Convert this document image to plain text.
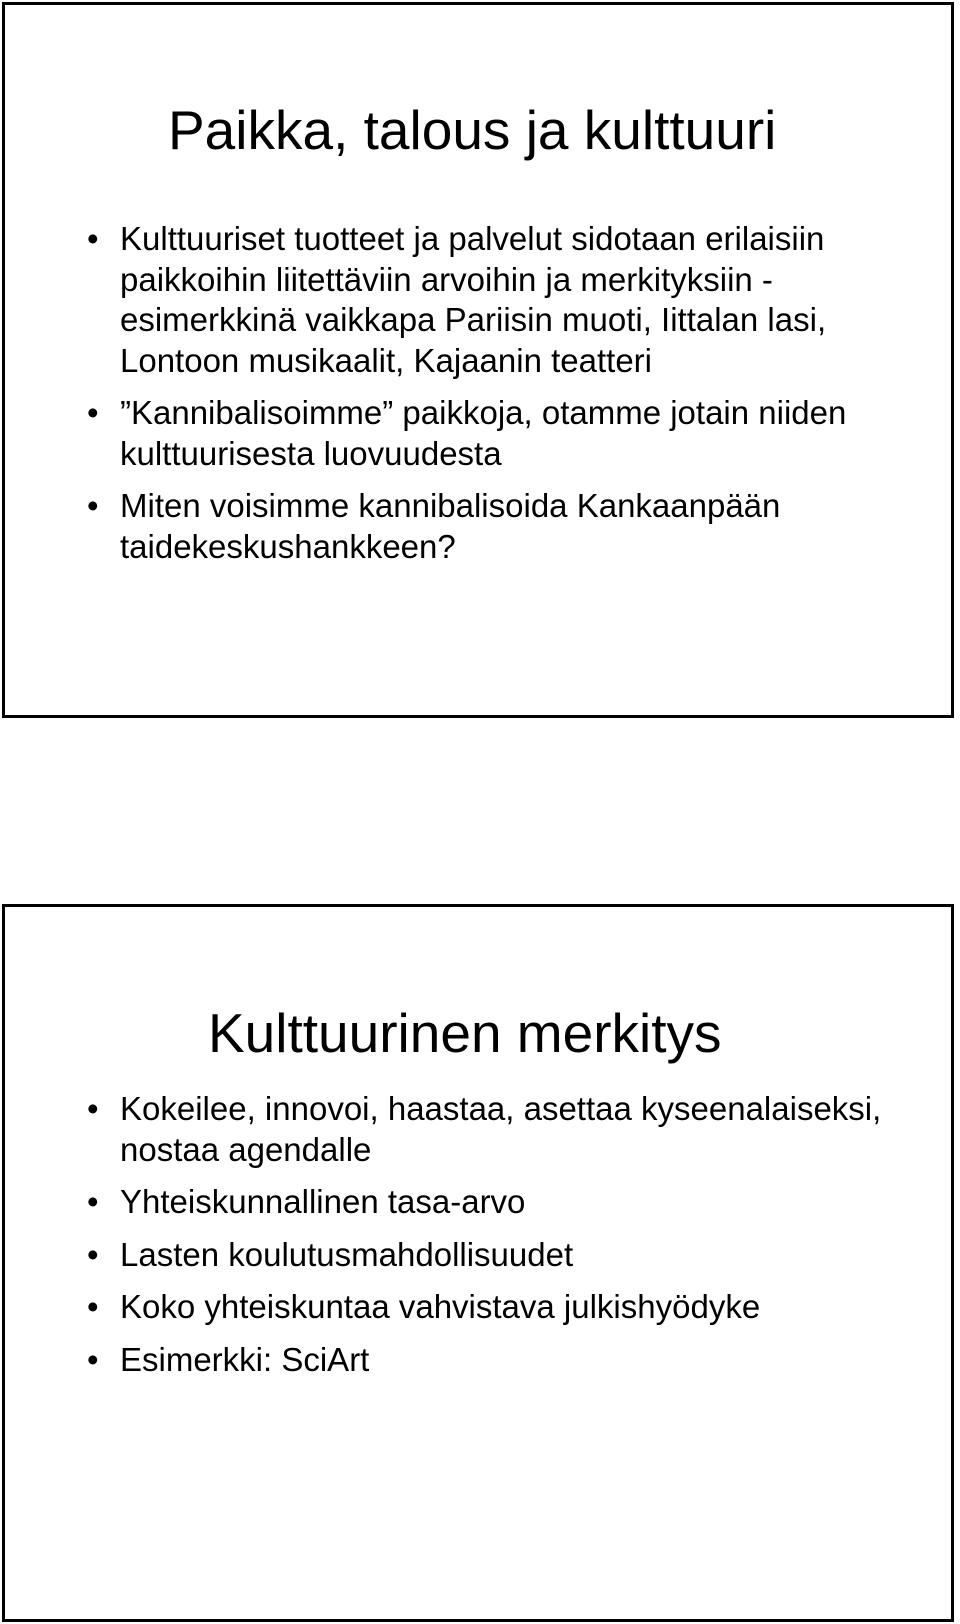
Paikka, talous ja kulttuuri
• Kulttuuriset tuotteet ja palvelut sidotaan erilaisiin paikkoihin liitettäviin arvoihin ja merkityksiin - esimerkkinä vaikkapa Pariisin muoti, Iittalan lasi, Lontoon musikaalit, Kajaanin teatteri
• ”Kannibalisoimme” paikkoja, otamme jotain niiden kulttuurisesta luovuudesta
• Miten voisimme kannibalisoida Kankaanpään taidekeskushankkeen?
Kulttuurinen merkitys
• Kokeilee, innovoi, haastaa, asettaa kyseenalaiseksi, nostaa agendalle
• Yhteiskunnallinen tasa-arvo
• Lasten koulutusmahdollisuudet
• Koko yhteiskuntaa vahvistava julkishyödyke
• Esimerkki: SciArt
